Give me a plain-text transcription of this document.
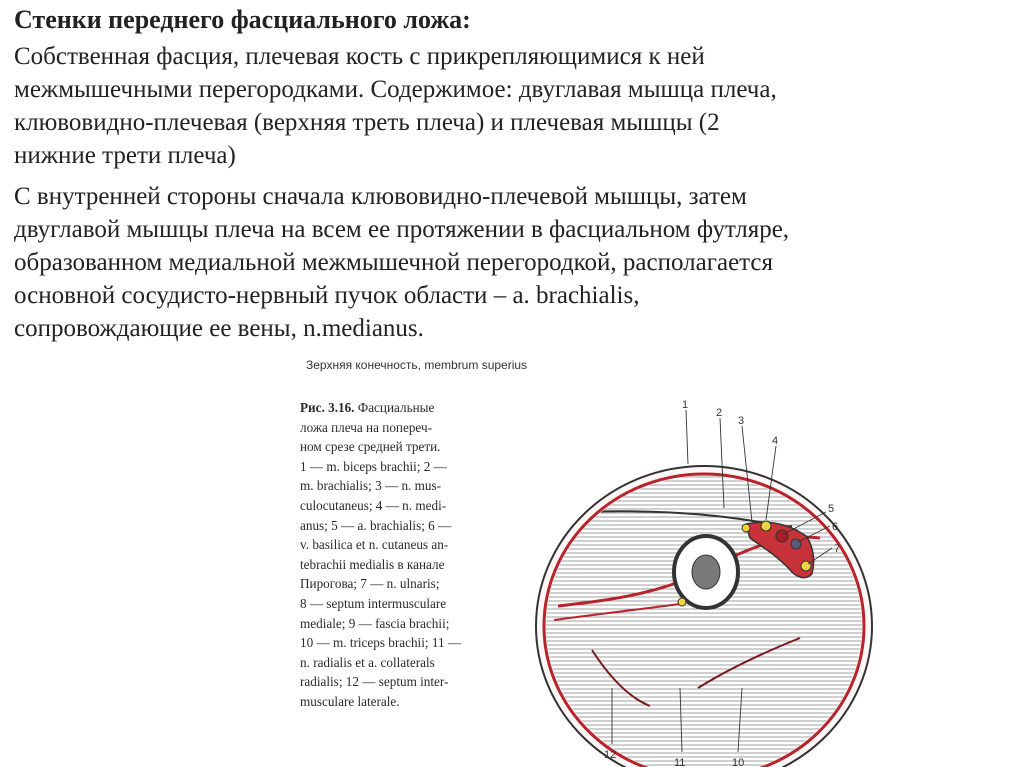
Стенки переднего фасциального ложа:

Собственная фасция, плечевая кость с прикрепляющимися к ней
межмышечными перегородками. Содержимое: двуглавая мышца плеча,
клювовидно-плечевая (верхняя треть плеча) и плечевая мышцы (2
нижние трети плеча)

С внутренней стороны сначала клювовидно-плечевой мышцы, затем
двуглавой мышцы плеча на всем ее протяжении в фасциальном футляре,
образованном медиальной межмышечной перегородкой, располагается
основной сосудисто-нервный пучок области – a. brachialis,
сопровождающие ее вены, n.medianus.

Зерхняя конечность, membrum superius

Рис. 3.16. Фасциальные
ложа плеча на попереч-
ном срезе средней трети.
1 — m. biceps brachii; 2 —
m. brachialis; 3 — n. mus-
culocutaneus; 4 — n. medi-
anus; 5 — a. brachialis; 6 —
v. basilica et n. cutaneus an-
tebrachii medialis в канале
Пирогова; 7 — n. ulnaris;
8 — septum intermusculare
mediale; 9 — fascia brachii;
10 — m. triceps brachii; 11 —
n. radialis et a. collaterals
radialis; 12 — septum inter-
musculare laterale.

1
2
3
4
5
6
7
12
11	10
